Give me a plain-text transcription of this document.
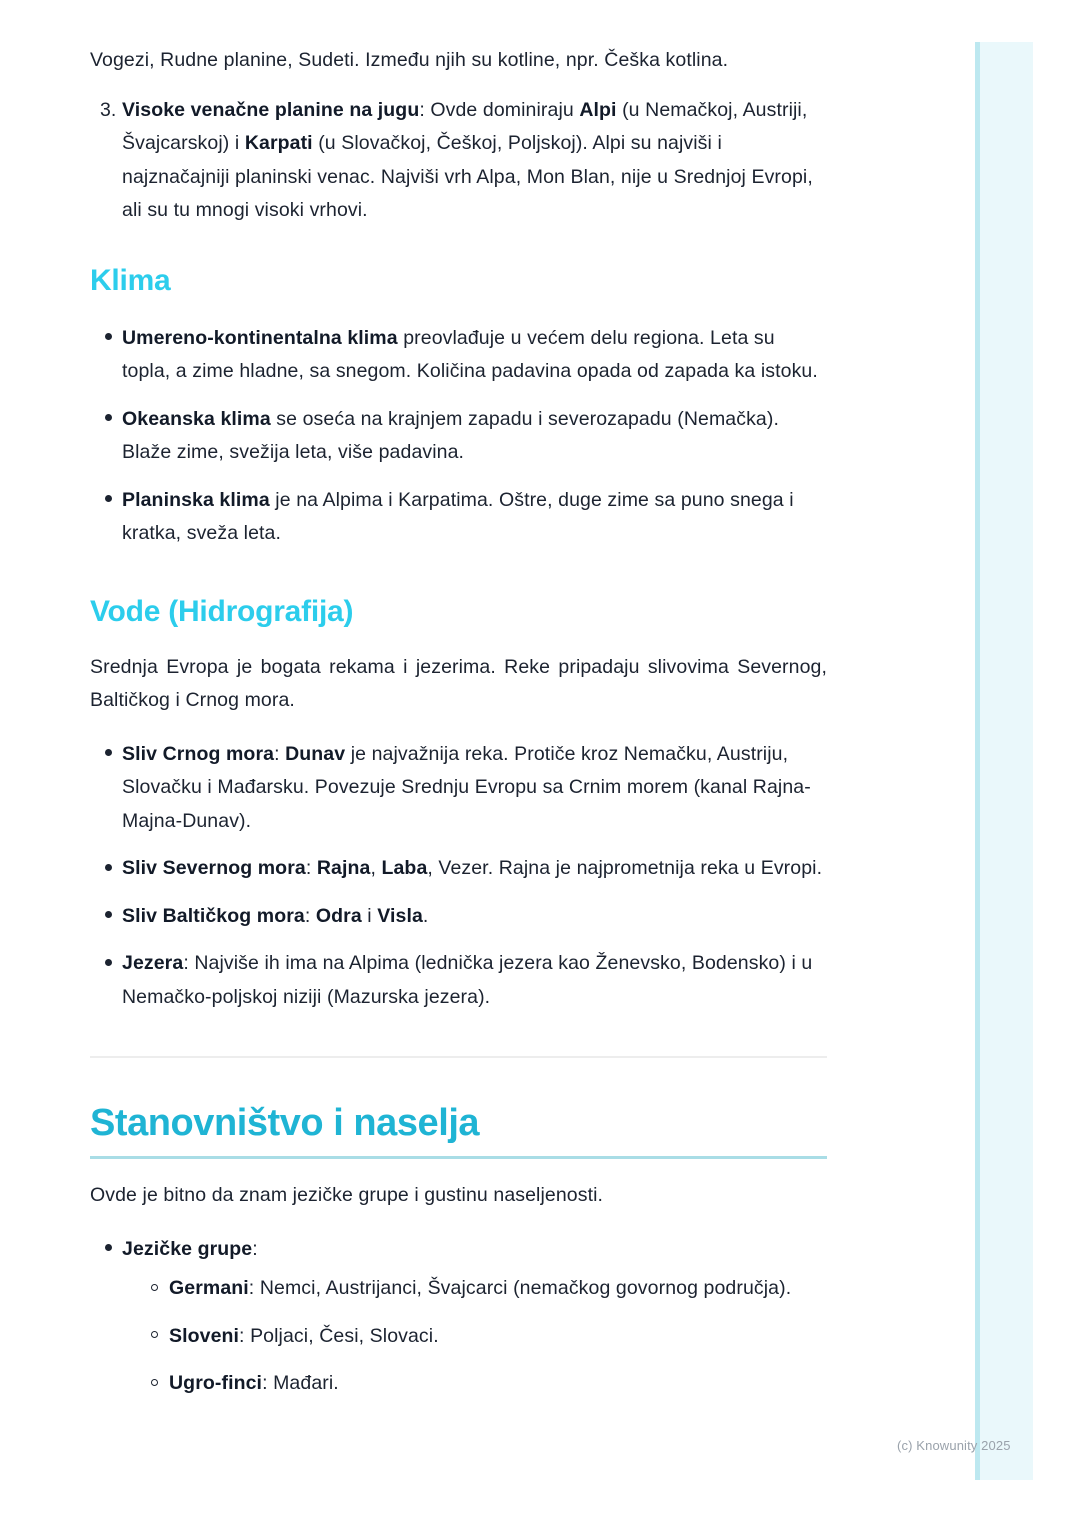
Vogezi, Rudne planine, Sudeti. Između njih su kotline, npr. Češka kotlina.
3. Visoke venačne planine na jugu: Ovde dominiraju Alpi (u Nemačkoj, Austriji, Švajcarskoj) i Karpati (u Slovačkoj, Češkoj, Poljskoj). Alpi su najviši i najznačajniji planinski venac. Najviši vrh Alpa, Mon Blan, nije u Srednjoj Evropi, ali su tu mnogi visoki vrhovi.
Klima
Umereno-kontinentalna klima preovlađuje u većem delu regiona. Leta su topla, a zime hladne, sa snegom. Količina padavina opada od zapada ka istoku.
Okeanska klima se oseća na krajnjem zapadu i severozapadu (Nemačka). Blaže zime, svežija leta, više padavina.
Planinska klima je na Alpima i Karpatima. Oštre, duge zime sa puno snega i kratka, sveža leta.
Vode (Hidrografija)
Srednja Evropa je bogata rekama i jezerima. Reke pripadaju slivovima Severnog, Baltičkog i Crnog mora.
Sliv Crnog mora: Dunav je najvažnija reka. Protiče kroz Nemačku, Austriju, Slovačku i Mađarsku. Povezuje Srednju Evropu sa Crnim morem (kanal Rajna-Majna-Dunav).
Sliv Severnog mora: Rajna, Laba, Vezer. Rajna je najprometnija reka u Evropi.
Sliv Baltičkog mora: Odra i Visla.
Jezera: Najviše ih ima na Alpima (lednička jezera kao Ženevsko, Bodensko) i u Nemačko-poljskoj niziji (Mazurska jezera).
Stanovništvo i naselja
Ovde je bitno da znam jezičke grupe i gustinu naseljenosti.
Jezičke grupe:
Germani: Nemci, Austrijanci, Švajcarci (nemačkog govornog područja).
Sloveni: Poljaci, Česi, Slovaci.
Ugro-finci: Mađari.
(c) Knowunity 2025
